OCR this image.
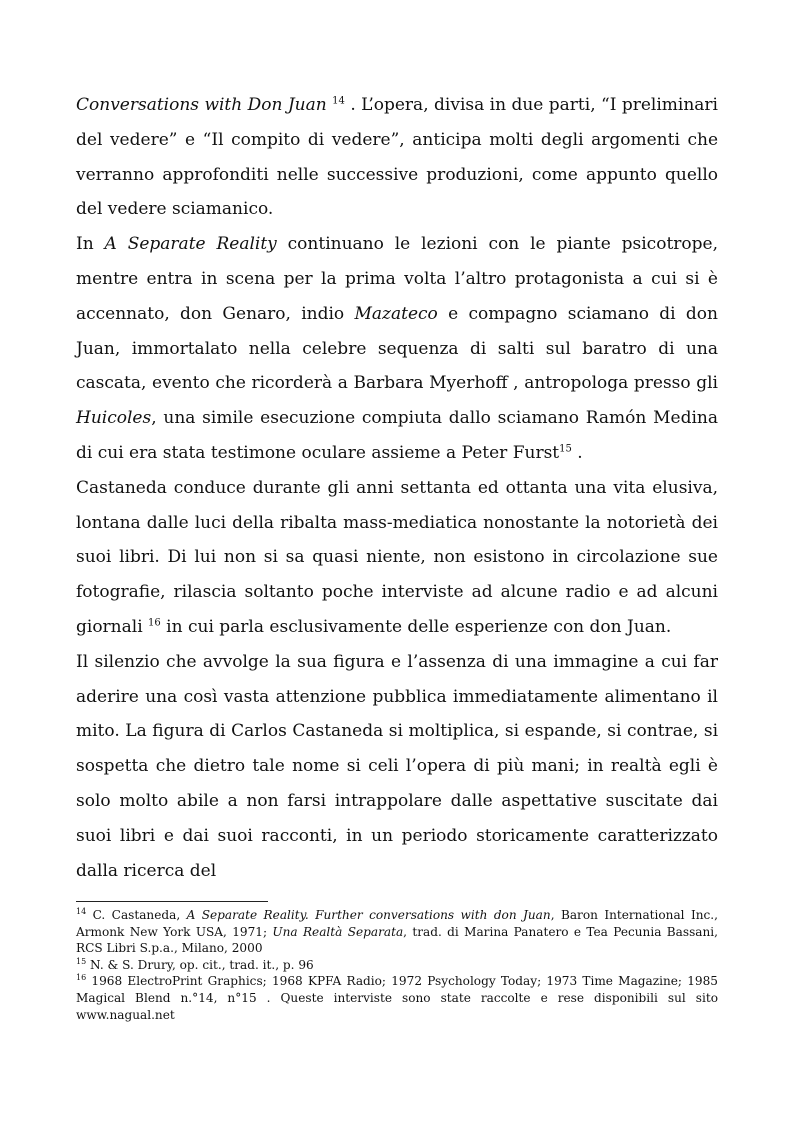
Conversations with Don Juan $^{14}$ . L’opera, divisa in due parti, “I preliminari del vedere” e “Il compito di vedere”, anticipa molti degli argomenti che verranno approfonditi nelle successive produzioni, come appunto quello del vedere sciamanico.

In A Separate Reality continuano le lezioni con le piante psicotrope, mentre entra in scena per la prima volta l’altro protagonista a cui si è accennato, don Genaro, indio Mazateco e compagno sciamano di don Juan, immortalato nella celebre sequenza di salti sul baratro di una cascata, evento che ricorderà a Barbara Myerhoff , antropologa presso gli Huicoles, una simile esecuzione compiuta dallo sciamano Ramón Medina di cui era stata testimone oculare assieme a Peter Furst$^{15}$ .

Castaneda conduce durante gli anni settanta ed ottanta una vita elusiva, lontana dalle luci della ribalta mass-mediatica nonostante la notorietà dei suoi libri. Di lui non si sa quasi niente, non esistono in circolazione sue fotografie, rilascia soltanto poche interviste ad alcune radio e ad alcuni giornali $^{16}$ in cui parla esclusivamente delle esperienze con don Juan.

Il silenzio che avvolge la sua figura e l’assenza di una immagine a cui far aderire una così vasta attenzione pubblica immediatamente alimentano il mito. La figura di Carlos Castaneda si moltiplica, si espande, si contrae, si sospetta che dietro tale nome si celi l’opera di più mani; in realtà egli è solo molto abile a non farsi intrappolare dalle aspettative suscitate dai suoi libri e dai suoi racconti, in un periodo storicamente caratterizzato dalla ricerca del

$^{14}$ C. Castaneda, A Separate Reality. Further conversations with don Juan, Baron International Inc., Armonk New York USA, 1971; Una Realtà Separata, trad. di Marina Panatero e Tea Pecunia Bassani, RCS Libri S.p.a., Milano, 2000

$^{15}$ N. & S. Drury, op. cit., trad. it., p. 96

$^{16}$ 1968 ElectroPrint Graphics; 1968 KPFA Radio; 1972 Psychology Today; 1973 Time Magazine; 1985 Magical Blend n.°14, n°15 . Queste interviste sono state raccolte e rese disponibili sul sito www.nagual.net
